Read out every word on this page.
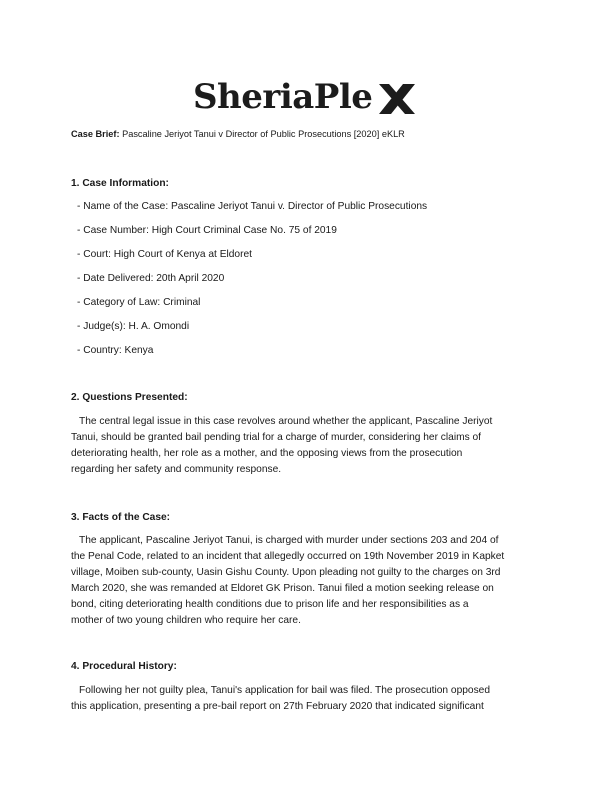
SheriaPle
Case Brief: Pascaline Jeriyot Tanui v Director of Public Prosecutions [2020] eKLR
1. Case Information:
- Name of the Case: Pascaline Jeriyot Tanui v. Director of Public Prosecutions
- Case Number: High Court Criminal Case No. 75 of 2019
- Court: High Court of Kenya at Eldoret
- Date Delivered: 20th April 2020
- Category of Law: Criminal
- Judge(s): H. A. Omondi
- Country: Kenya
2. Questions Presented:
The central legal issue in this case revolves around whether the applicant, Pascaline Jeriyot
Tanui, should be granted bail pending trial for a charge of murder, considering her claims of
deteriorating health, her role as a mother, and the opposing views from the prosecution
regarding her safety and community response.
3. Facts of the Case:
The applicant, Pascaline Jeriyot Tanui, is charged with murder under sections 203 and 204 of
the Penal Code, related to an incident that allegedly occurred on 19th November 2019 in Kapket
village, Moiben sub-county, Uasin Gishu County. Upon pleading not guilty to the charges on 3rd
March 2020, she was remanded at Eldoret GK Prison. Tanui filed a motion seeking release on
bond, citing deteriorating health conditions due to prison life and her responsibilities as a
mother of two young children who require her care.
4. Procedural History:
Following her not guilty plea, Tanui's application for bail was filed. The prosecution opposed
this application, presenting a pre-bail report on 27th February 2020 that indicated significant
